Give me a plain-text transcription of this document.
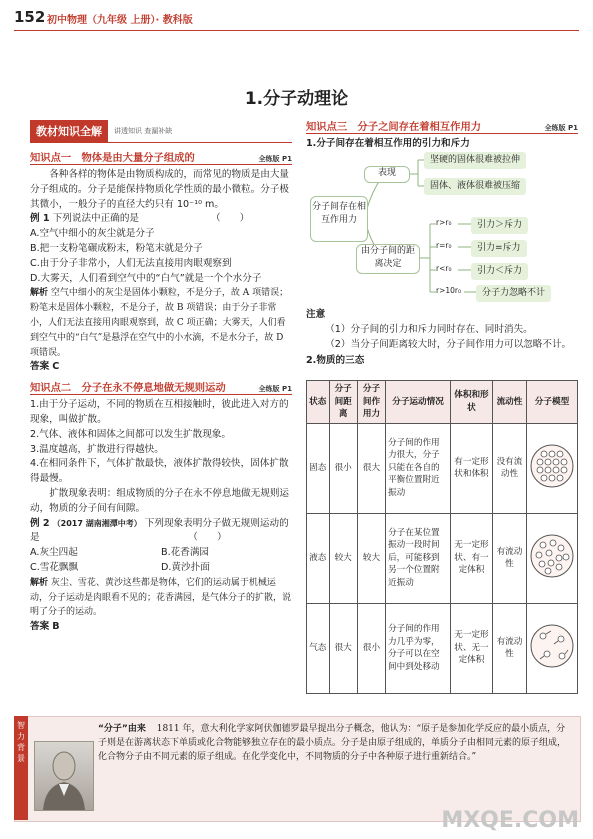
152 初中物理（九年级 上册）· 教科版
1.分子动理论
教材知识全解	讲透知识 查漏补缺
知识点一　物体是由大量分子组成的	全练版 P1
各种各样的物体是由物质构成的，而常见的物质是由大量分子组成的。分子是能保持物质化学性质的最小微粒。分子极其微小，一般分子的直径大约只有 10⁻¹⁰ m。
例 1 下列说法中正确的是　　　　　　　　（　　）
A.空气中细小的灰尘就是分子
B.把一支粉笔碾成粉末，粉笔末就是分子
C.由于分子非常小，人们无法直接用肉眼观察到
D.大雾天，人们看到空气中的“白气”就是一个个水分子
解析 空气中细小的灰尘是固体小颗粒，不是分子，故 A 项错误；粉笔末是固体小颗粒，不是分子，故 B 项错误；由于分子非常小，人们无法直接用肉眼观察到，故 C 项正确；大雾天，人们看到空气中的“白气”是悬浮在空气中的小水滴，不是水分子，故 D 项错误。
答案 C
知识点二　分子在永不停息地做无规则运动	全练版 P1
1.由于分子运动，不同的物质在互相接触时，彼此进入对方的现象，叫做扩散。
2.气体、液体和固体之间都可以发生扩散现象。
3.温度越高，扩散进行得越快。
4.在相同条件下，气体扩散最快，液体扩散得较快，固体扩散得最慢。
扩散现象表明：组成物质的分子在永不停息地做无规则运动，物质的分子间有间隙。
例 2 （2017 湖南湘潭中考） 下列现象表明分子做无规则运动的是　　　　　　　　　　　　　　　　（　　）
A.灰尘四起	B.花香满园
C.雪花飘飘	D.黄沙扑面
解析 灰尘、雪花、黄沙这些都是物体，它们的运动属于机械运动，分子运动是肉眼看不见的；花香满园，是气体分子的扩散，说明了分子的运动。
答案 B
知识点三　分子之间存在着相互作用力	全练版 P1
1.分子间存在着相互作用的引力和斥力
分子间存在相互作用力
表现
坚硬的固体很难被拉伸
固体、液体很难被压缩
由分子间的距离决定
r>r₀	引力＞斥力
r=r₀	引力=斥力
r<r₀	引力＜斥力
r>10r₀	分子力忽略不计
注意
（1）分子间的引力和斥力同时存在、同时消失。
（2）当分子间距离较大时，分子间作用力可以忽略不计。
2.物质的三态
状态	分子间距离	分子间作用力	分子运动情况	体积和形状	流动性	分子模型
固态	很小	很大	分子间的作用力很大，分子只能在各自的平衡位置附近振动	有一定形状和体积	没有流动性	
液态	较大	较大	分子在某位置振动一段时间后，可能移到另一个位置附近振动	无一定形状、有一定体积	有流动性	
气态	很大	很小	分子间的作用力几乎为零，分子可以在空间中到处移动	无一定形状、无一定体积	有流动性	
智力背景
“分子”由来 1811 年，意大利化学家阿伏伽德罗最早提出分子概念，他认为：“原子是参加化学反应的最小质点，分子则是在游离状态下单质或化合物能够独立存在的最小质点。分子是由原子组成的，单质分子由相同元素的原子组成，化合物分子由不同元素的原子组成。在化学变化中，不同物质的分子中各种原子进行重新结合。”
MXQE.COM
